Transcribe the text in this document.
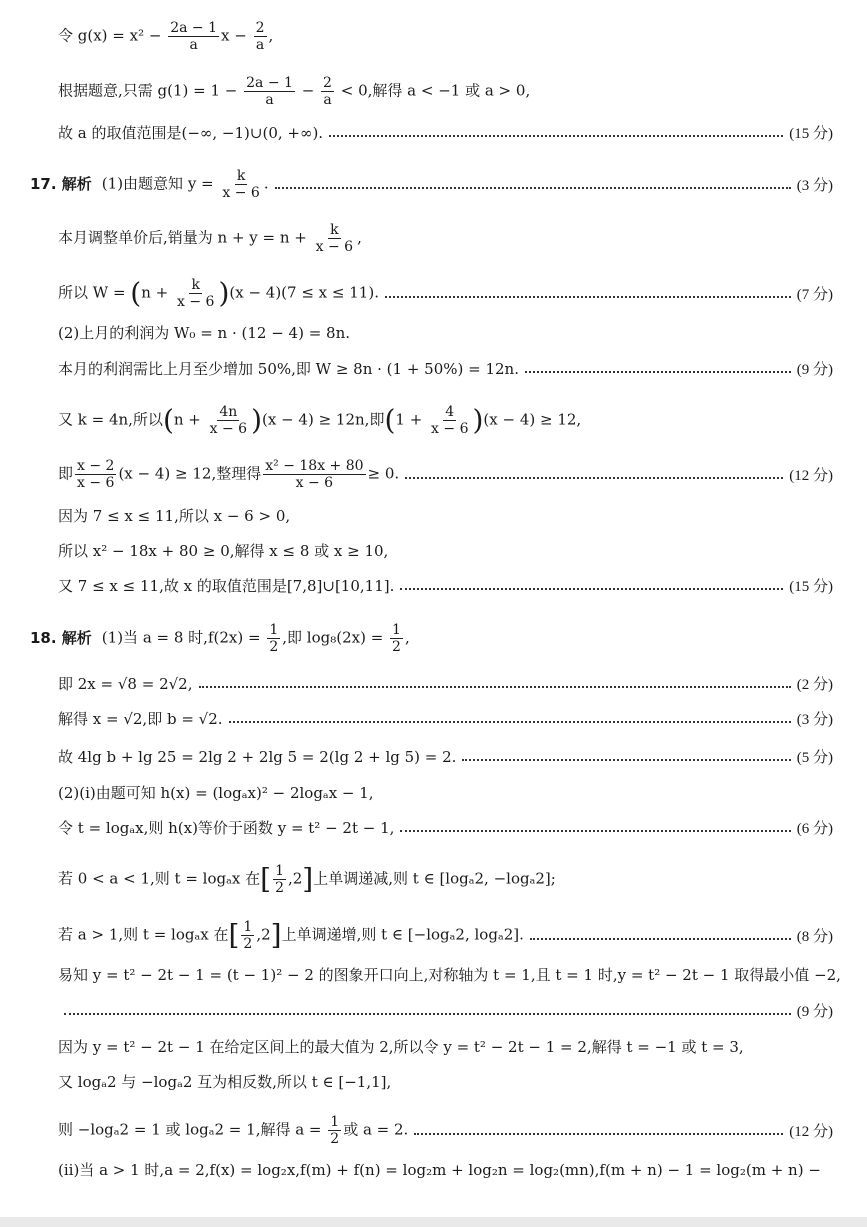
令 $g(x) = x^2 - \frac{2a - 1}{a}$ $x - \frac{2}{a}$ ,
根据题意,只需 $g(1) = 1 - \frac{2a - 1}{a} - \frac{2}{a} < 0$,解得 a < −1 或 a > 0,
故 a 的取值范围是(−∞, −1)∪(0, +∞).	(15 分)
17. 解析 (1)由题意知 $y = \frac{k}{x - 6}$ .	(3 分)
本月调整单价后,销量为 $n + y = n + \frac{k}{x - 6}$ ,
所以 $W = (n + \frac{k}{x - 6} )(x - 4)(7 \le x \le 11)$.	(7 分)
(2)上月的利润为 W₀ = n · (12 − 4) = 8n.
本月的利润需比上月至少增加 50%,即 W ≥ 8n · (1 + 50%) = 12n.	(9 分)
又 k = 4n,所以$(n + \frac{4n}{x - 6} )(x - 4) \ge 12n$,即$(1 + \frac{4}{x - 6} )(x - 4) \ge 12$,
即 $\frac{x - 2}{x - 6} (x - 4) \ge 12$,整理得 $\frac{\text{x² − 18x + 80}}{x - 6} \ge 0$.	(12 分)
因为 7 ≤ x ≤ 11,所以 x − 6 > 0,
所以 x² − 18x + 80 ≥ 0,解得 x ≤ 8 或 x ≥ 10,
又 7 ≤ x ≤ 11,故 x 的取值范围是[7,8]∪[10,11].	(15 分)
18. 解析 (1)当 a = 8 时$,f(2x) = \frac{1}{2}$ ,即 $\log_8(2x) = \frac{1}{2}$ ,
即 2x = √8 = 2√2,	(2 分)
解得 x = √2,即 b = √2.	(3 分)
故 4lg b + lg 25 = 2lg 2 + 2lg 5 = 2(lg 2 + lg 5) = 2.	(5 分)
(2)(ⅰ)由题可知 h(x) = (logₐx)² − 2logₐx − 1,
令 t = logₐx,则 h(x)等价于函数 y = t² − 2t − 1,	(6 分)
若 0 < a < 1,则 t = logₐx 在[ $\frac{1}{2} ,2$]上单调递减,则 t ∈ [logₐ2, −logₐ2];
若 a > 1,则 t = logₐx 在[ $\frac{1}{2} ,2$]上单调递增,则 t ∈ [−logₐ2, logₐ2].	(8 分)
易知 y = t² − 2t − 1 = (t − 1)² − 2 的图象开口向上,对称轴为 t = 1,且 t = 1 时,y = t² − 2t − 1 取得最小值 −2,
(9 分)
因为 y = t² − 2t − 1 在给定区间上的最大值为 2,所以令 y = t² − 2t − 1 = 2,解得 t = −1 或 t = 3,
又 logₐ2 与 −logₐ2 互为相反数,所以 t ∈ [−1,1],
则 −logₐ2 = 1 或 logₐ2 = 1,解得 $a = \frac{1}{2}$ 或 a = 2.	(12 分)
(ⅱ)当 a > 1 时,a = 2,f(x) = log₂x,f(m) + f(n) = log₂m + log₂n = log₂(mn),f(m + n) − 1 = log₂(m + n) −
